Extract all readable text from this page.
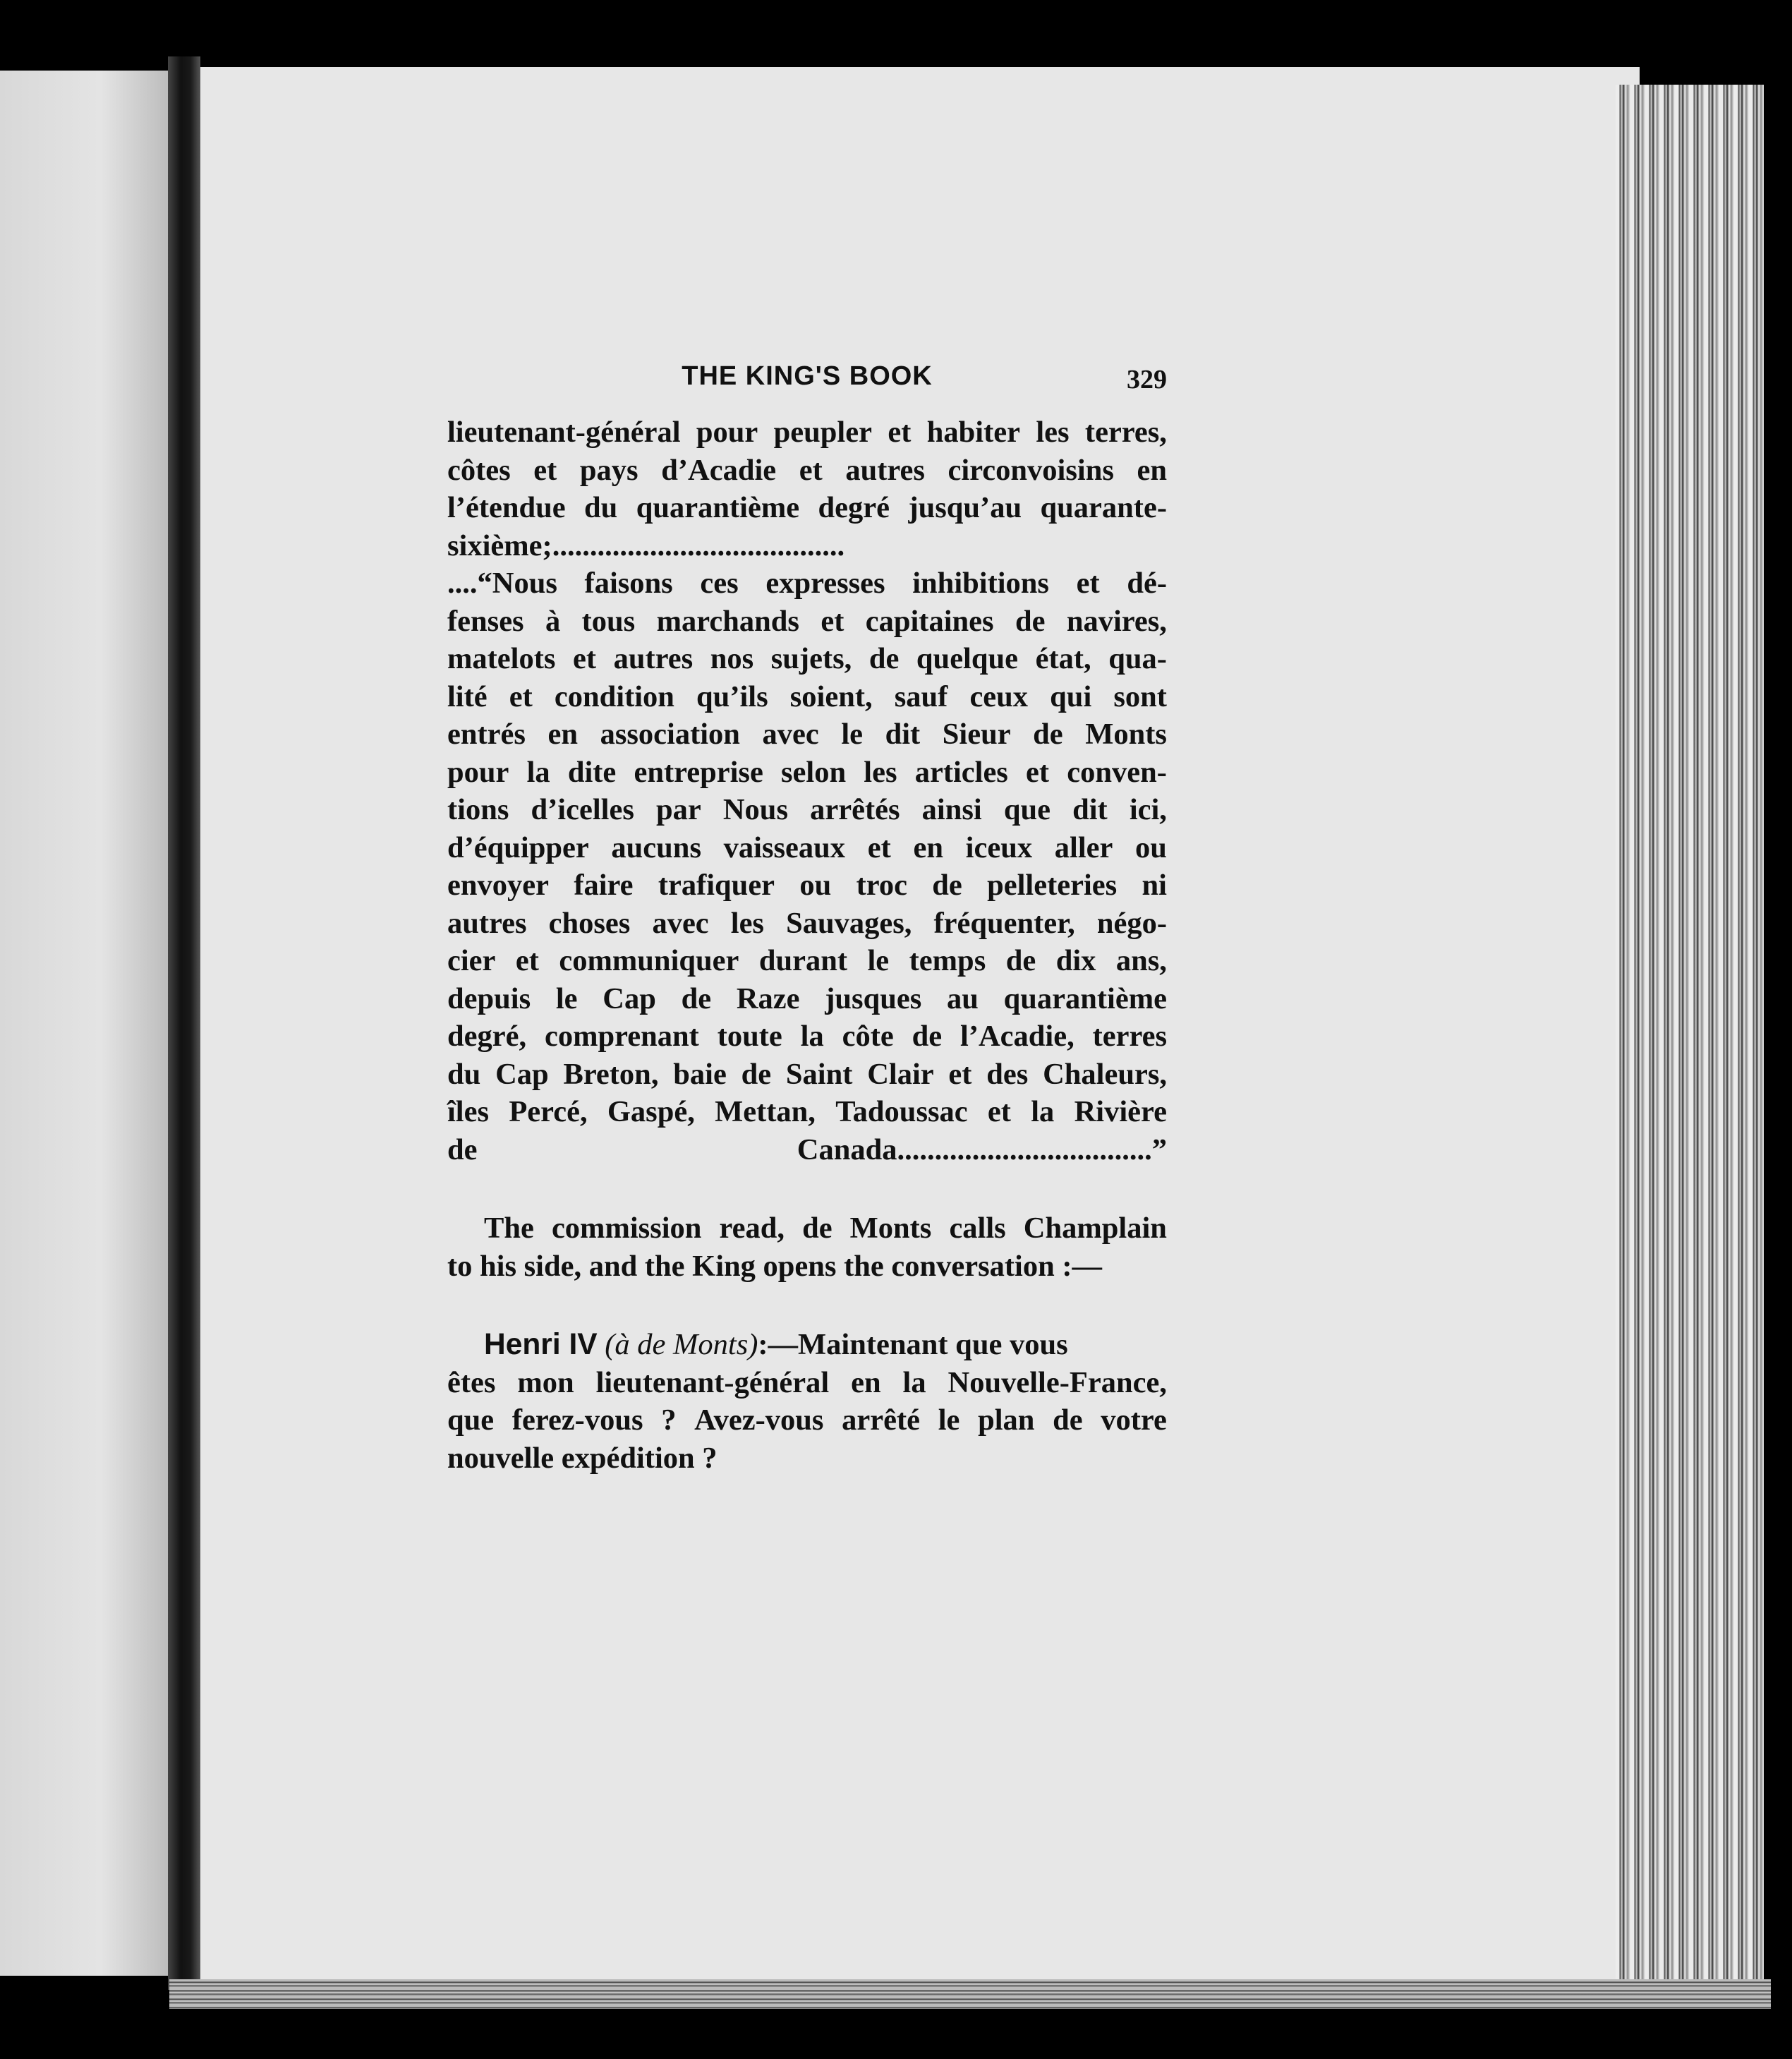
THE KING'S BOOK	329
lieutenant-général pour peupler et habiter les terres,
côtes et pays d’Acadie et autres circonvoisins en
l’étendue du quarantième degré jusqu’au quarante-
sixième;.......................................
....“Nous faisons ces expresses inhibitions et dé-
fenses à tous marchands et capitaines de navires,
matelots et autres nos sujets, de quelque état, qua-
lité et condition qu’ils soient, sauf ceux qui sont
entrés en association avec le dit Sieur de Monts
pour la dite entreprise selon les articles et conven-
tions d’icelles par Nous arrêtés ainsi que dit ici,
d’équipper aucuns vaisseaux et en iceux aller ou
envoyer faire trafiquer ou troc de pelleteries ni
autres choses avec les Sauvages, fréquenter, négo-
cier et communiquer durant le temps de dix ans,
depuis le Cap de Raze jusques au quarantième
degré, comprenant toute la côte de l’Acadie, terres
du Cap Breton, baie de Saint Clair et des Chaleurs,
îles Percé, Gaspé, Mettan, Tadoussac et la Rivière
de	Canada..................................”
The commission read, de Monts calls Champlain
to his side, and the King opens the conversation :—
Henri IV (à de Monts):—Maintenant que vous
êtes mon lieutenant-général en la Nouvelle-France,
que ferez-vous ? Avez-vous arrêté le plan de votre
nouvelle expédition ?
